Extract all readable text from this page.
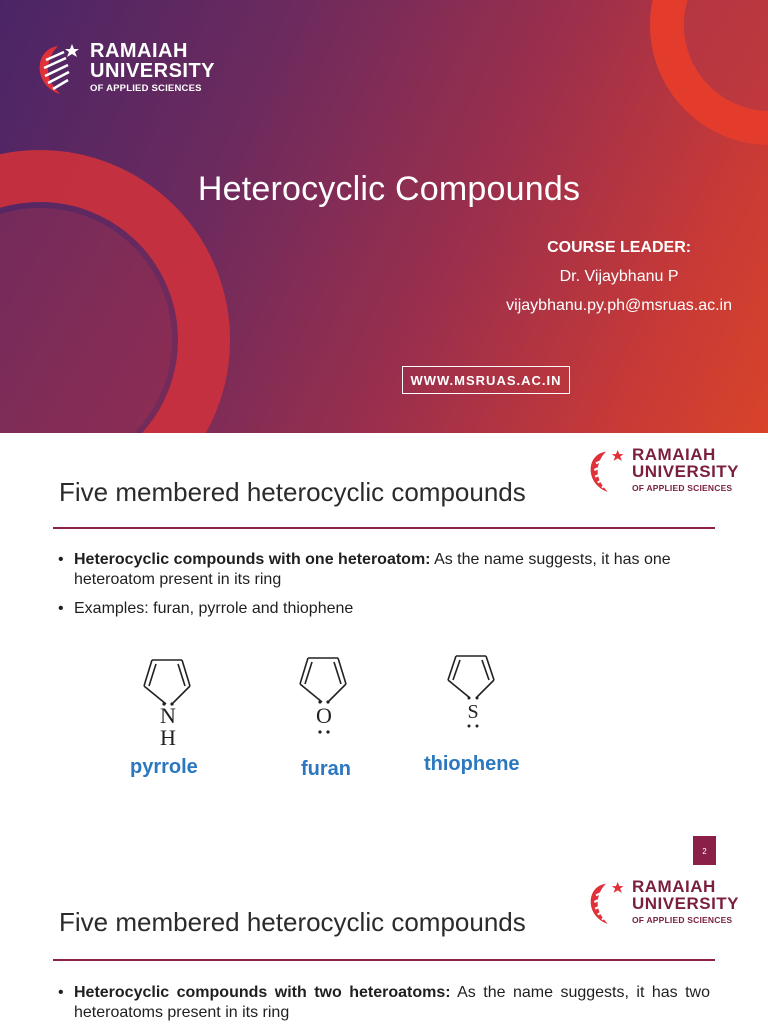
RAMAIAH
UNIVERSITY
OF APPLIED SCIENCES
Heterocyclic Compounds
COURSE LEADER:
Dr. Vijaybhanu P
vijaybhanu.py.ph@msruas.ac.in
WWW.MSRUAS.AC.IN
RAMAIAH
UNIVERSITY
OF APPLIED SCIENCES
Five membered heterocyclic compounds
• Heterocyclic compounds with one heteroatom: As the name suggests, it has one heteroatom present in its ring
• Examples: furan, pyrrole and thiophene
N
H
pyrrole
O
furan
S
thiophene
2
RAMAIAH
UNIVERSITY
OF APPLIED SCIENCES
Five membered heterocyclic compounds
• Heterocyclic compounds with two heteroatoms: As the name suggests, it has two heteroatoms present in its ring
